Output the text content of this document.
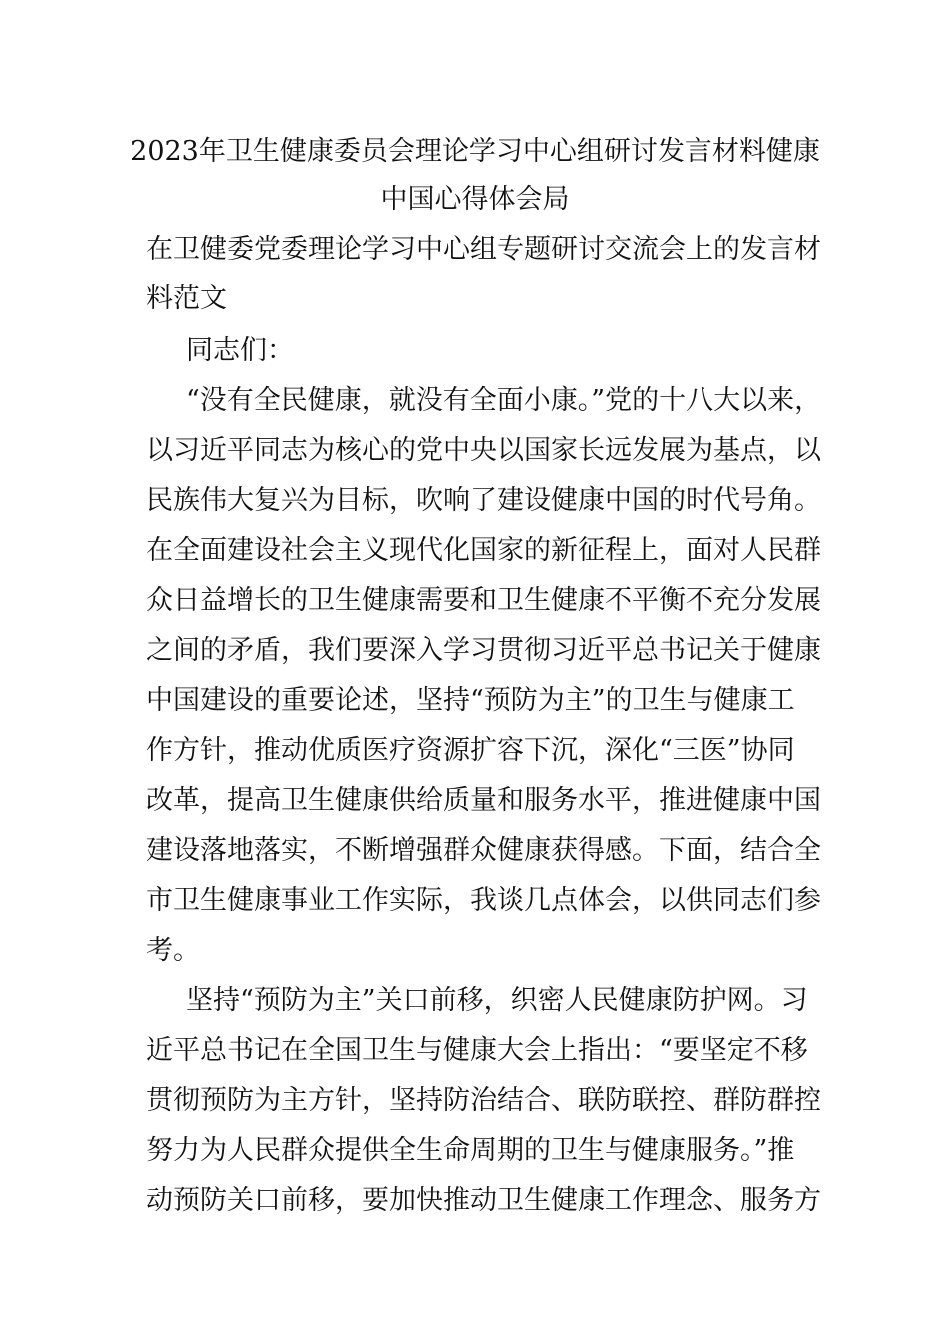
2023年卫生健康委员会理论学习中心组研讨发言材料健康
中国心得体会局

在卫健委党委理论学习中心组专题研讨交流会上的发言材

料范文

同志们：

“没有全民健康，就没有全面小康。”党的十八大以来，

以习近平同志为核心的党中央以国家长远发展为基点，以

民族伟大复兴为目标，吹响了建设健康中国的时代号角。

在全面建设社会主义现代化国家的新征程上，面对人民群

众日益增长的卫生健康需要和卫生健康不平衡不充分发展

之间的矛盾，我们要深入学习贯彻习近平总书记关于健康

中国建设的重要论述，坚持“预防为主”的卫生与健康工

作方针，推动优质医疗资源扩容下沉，深化“三医”协同

改革，提高卫生健康供给质量和服务水平，推进健康中国

建设落地落实，不断增强群众健康获得感。下面，结合全

市卫生健康事业工作实际，我谈几点体会，以供同志们参

考。

坚持“预防为主”关口前移，织密人民健康防护网。习

近平总书记在全国卫生与健康大会上指出：“要坚定不移

贯彻预防为主方针，坚持防治结合、联防联控、群防群控

努力为人民群众提供全生命周期的卫生与健康服务。”推

动预防关口前移，要加快推动卫生健康工作理念、服务方
